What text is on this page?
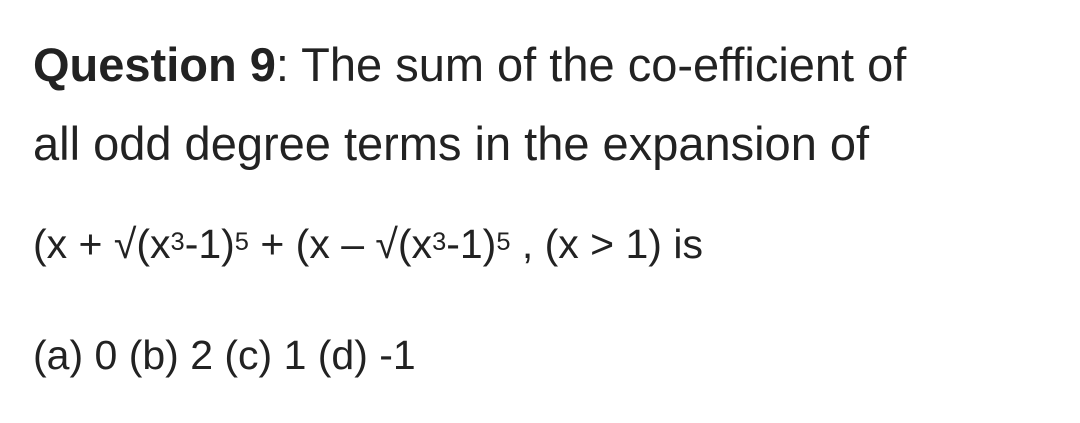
Question 9: The sum of the co-efficient of
all odd degree terms in the expansion of
($x + √(x^3-1)^5 + (x - √(x^3-1)^5$ , (x > 1) is
(a) 0 (b) 2 (c) 1 (d) -1
